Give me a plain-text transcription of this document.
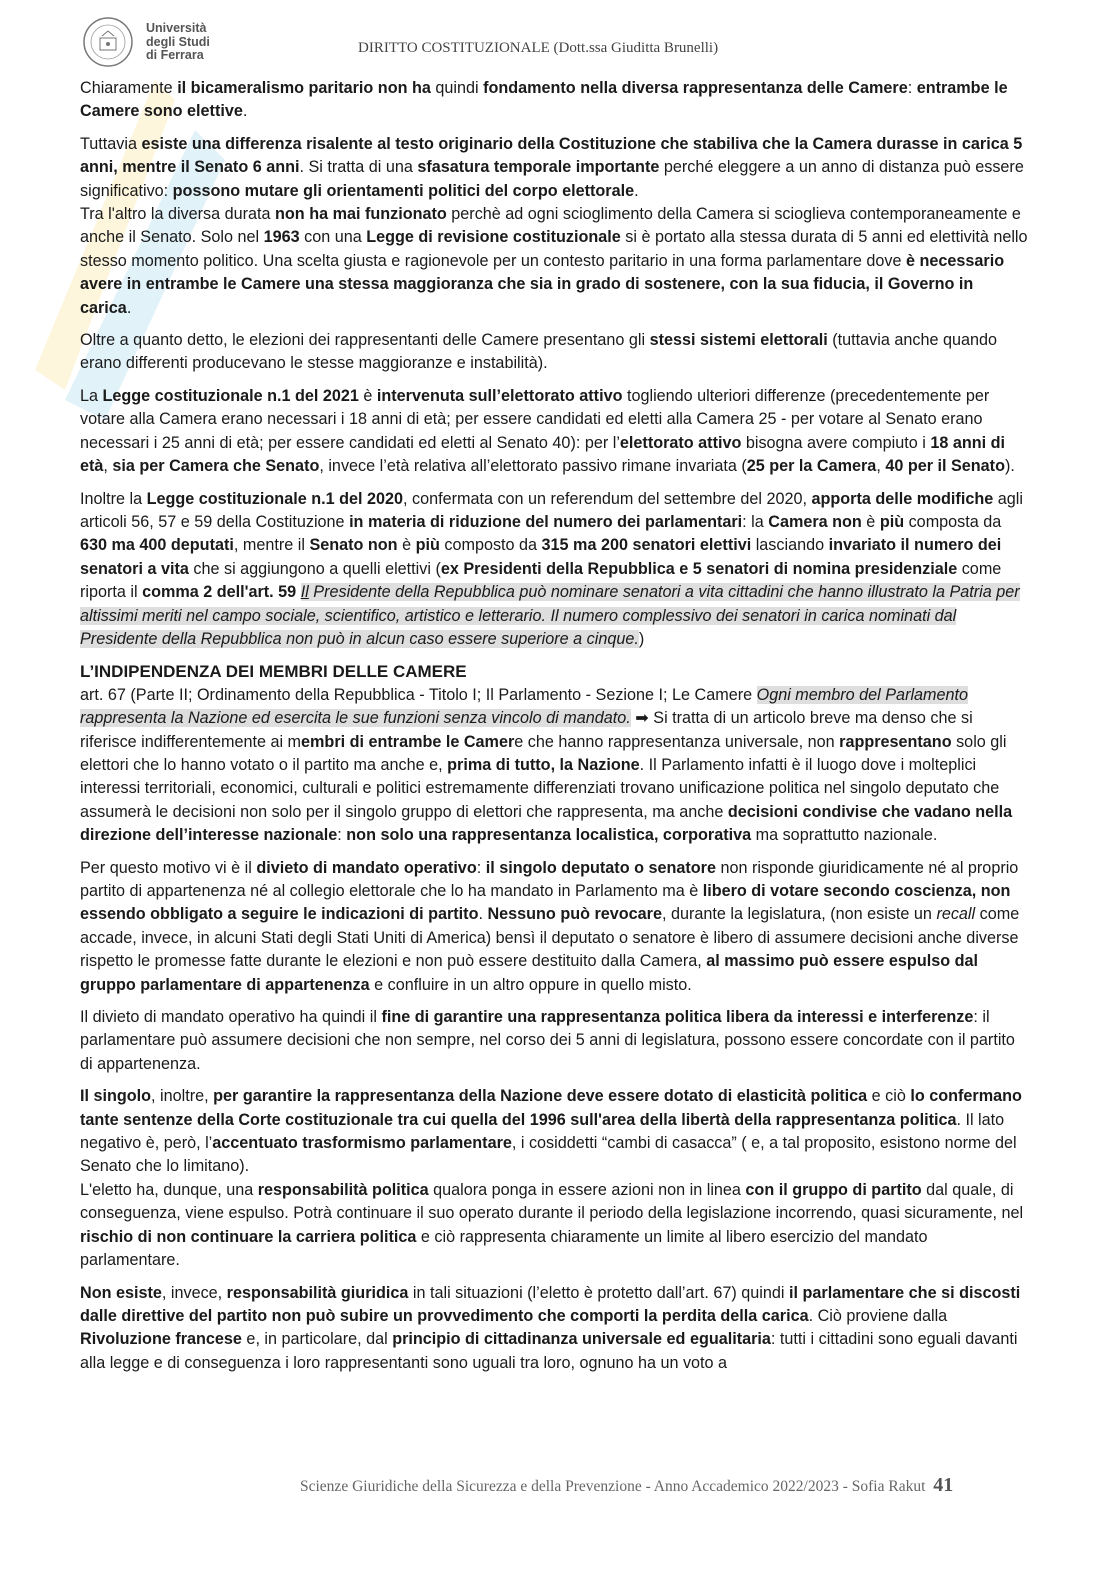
Università
degli Studi
di Ferrara	DIRITTO COSTITUZIONALE (Dott.ssa Giuditta Brunelli)

Chiaramente il bicameralismo paritario non ha quindi fondamento nella diversa rappresentanza delle Camere: entrambe le Camere sono elettive.

Tuttavia esiste una differenza risalente al testo originario della Costituzione che stabiliva che la Camera durasse in carica 5 anni, mentre il Senato 6 anni. Si tratta di una sfasatura temporale importante perché eleggere a un anno di distanza può essere significativo: possono mutare gli orientamenti politici del corpo elettorale.

Tra l'altro la diversa durata non ha mai funzionato perchè ad ogni scioglimento della Camera si scioglieva contemporaneamente e anche il Senato. Solo nel 1963 con una Legge di revisione costituzionale si è portato alla stessa durata di 5 anni ed elettività nello stesso momento politico. Una scelta giusta e ragionevole per un contesto paritario in una forma parlamentare dove è necessario avere in entrambe le Camere una stessa maggioranza che sia in grado di sostenere, con la sua fiducia, il Governo in carica.

Oltre a quanto detto, le elezioni dei rappresentanti delle Camere presentano gli stessi sistemi elettorali (tuttavia anche quando erano differenti producevano le stesse maggioranze e instabilità).

La Legge costituzionale n.1 del 2021 è intervenuta sull’elettorato attivo togliendo ulteriori differenze (precedentemente per votare alla Camera erano necessari i 18 anni di età; per essere candidati ed eletti alla Camera 25 - per votare al Senato erano necessari i 25 anni di età; per essere candidati ed eletti al Senato 40): per l’elettorato attivo bisogna avere compiuto i 18 anni di età, sia per Camera che Senato, invece l’età relativa all’elettorato passivo rimane invariata (25 per la Camera, 40 per il Senato).

Inoltre la Legge costituzionale n.1 del 2020, confermata con un referendum del settembre del 2020, apporta delle modifiche agli articoli 56, 57 e 59 della Costituzione in materia di riduzione del numero dei parlamentari: la Camera non è più composta da 630 ma 400 deputati, mentre il Senato non è più composto da 315 ma 200 senatori elettivi lasciando invariato il numero dei senatori a vita che si aggiungono a quelli elettivi (ex Presidenti della Repubblica e 5 senatori di nomina presidenziale come riporta il comma 2 dell'art. 59 Il Presidente della Repubblica può nominare senatori a vita cittadini che hanno illustrato la Patria per altissimi meriti nel campo sociale, scientifico, artistico e letterario. Il numero complessivo dei senatori in carica nominati dal Presidente della Repubblica non può in alcun caso essere superiore a cinque.)

L’INDIPENDENZA DEI MEMBRI DELLE CAMERE

art. 67 (Parte II; Ordinamento della Repubblica - Titolo I; Il Parlamento - Sezione I; Le Camere Ogni membro del Parlamento rappresenta la Nazione ed esercita le sue funzioni senza vincolo di mandato. ➡ Si tratta di un articolo breve ma denso che si riferisce indifferentemente ai membri di entrambe le Camere che hanno rappresentanza universale, non rappresentano solo gli elettori che lo hanno votato o il partito ma anche e, prima di tutto, la Nazione. Il Parlamento infatti è il luogo dove i molteplici interessi territoriali, economici, culturali e politici estremamente differenziati trovano unificazione politica nel singolo deputato che assumerà le decisioni non solo per il singolo gruppo di elettori che rappresenta, ma anche decisioni condivise che vadano nella direzione dell’interesse nazionale: non solo una rappresentanza localistica, corporativa ma soprattutto nazionale.

Per questo motivo vi è il divieto di mandato operativo: il singolo deputato o senatore non risponde giuridicamente né al proprio partito di appartenenza né al collegio elettorale che lo ha mandato in Parlamento ma è libero di votare secondo coscienza, non essendo obbligato a seguire le indicazioni di partito. Nessuno può revocare, durante la legislatura, (non esiste un recall come accade, invece, in alcuni Stati degli Stati Uniti di America) bensì il deputato o senatore è libero di assumere decisioni anche diverse rispetto le promesse fatte durante le elezioni e non può essere destituito dalla Camera, al massimo può essere espulso dal gruppo parlamentare di appartenenza e confluire in un altro oppure in quello misto.

Il divieto di mandato operativo ha quindi il fine di garantire una rappresentanza politica libera da interessi e interferenze: il parlamentare può assumere decisioni che non sempre, nel corso dei 5 anni di legislatura, possono essere concordate con il partito di appartenenza.

Il singolo, inoltre, per garantire la rappresentanza della Nazione deve essere dotato di elasticità politica e ciò lo confermano tante sentenze della Corte costituzionale tra cui quella del 1996 sull'area della libertà della rappresentanza politica. Il lato negativo è, però, l’accentuato trasformismo parlamentare, i cosiddetti “cambi di casacca” ( e, a tal proposito, esistono norme del Senato che lo limitano).

L'eletto ha, dunque, una responsabilità politica qualora ponga in essere azioni non in linea con il gruppo di partito dal quale, di conseguenza, viene espulso. Potrà continuare il suo operato durante il periodo della legislazione incorrendo, quasi sicuramente, nel rischio di non continuare la carriera politica e ciò rappresenta chiaramente un limite al libero esercizio del mandato parlamentare.

Non esiste, invece, responsabilità giuridica in tali situazioni (l’eletto è protetto dall’art. 67) quindi il parlamentare che si discosti dalle direttive del partito non può subire un provvedimento che comporti la perdita della carica. Ciò proviene dalla Rivoluzione francese e, in particolare, dal principio di cittadinanza universale ed egualitaria: tutti i cittadini sono eguali davanti alla legge e di conseguenza i loro rappresentanti sono uguali tra loro, ognuno ha un voto a

Scienze Giuridiche della Sicurezza e della Prevenzione - Anno Accademico 2022/2023 - Sofia Rakut 41
